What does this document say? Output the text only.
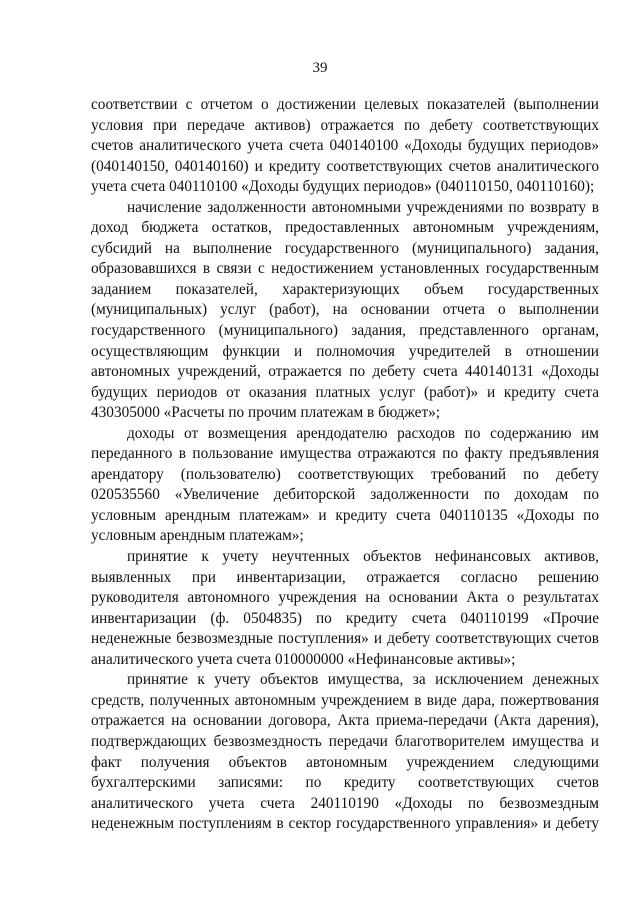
39
соответствии с отчетом о достижении целевых показателей (выполнении
условия при передаче активов) отражается по дебету соответствующих
счетов аналитического учета счета 040140100 «Доходы будущих периодов»
(040140150, 040140160) и кредиту соответствующих счетов аналитического
учета счета 040110100 «Доходы будущих периодов» (040110150, 040110160);
начисление задолженности автономными учреждениями по возврату в
доход бюджета остатков, предоставленных автономным учреждениям,
субсидий на выполнение государственного (муниципального) задания,
образовавшихся в связи с недостижением установленных государственным
заданием показателей, характеризующих объем государственных
(муниципальных) услуг (работ), на основании отчета о выполнении
государственного (муниципального) задания, представленного органам,
осуществляющим функции и полномочия учредителей в отношении
автономных учреждений, отражается по дебету счета 440140131 «Доходы
будущих периодов от оказания платных услуг (работ)» и кредиту счета
430305000 «Расчеты по прочим платежам в бюджет»;
доходы от возмещения арендодателю расходов по содержанию им
переданного в пользование имущества отражаются по факту предъявления
арендатору (пользователю) соответствующих требований по дебету
020535560 «Увеличение дебиторской задолженности по доходам по
условным арендным платежам» и кредиту счета 040110135 «Доходы по
условным арендным платежам»;
принятие к учету неучтенных объектов нефинансовых активов,
выявленных при инвентаризации, отражается согласно решению
руководителя автономного учреждения на основании Акта о результатах
инвентаризации (ф. 0504835) по кредиту счета 040110199 «Прочие
неденежные безвозмездные поступления» и дебету соответствующих счетов
аналитического учета счета 010000000 «Нефинансовые активы»;
принятие к учету объектов имущества, за исключением денежных
средств, полученных автономным учреждением в виде дара, пожертвования
отражается на основании договора, Акта приема-передачи (Акта дарения),
подтверждающих безвозмездность передачи благотворителем имущества и
факт получения объектов автономным учреждением следующими
бухгалтерскими записями: по кредиту соответствующих счетов
аналитического учета счета 240110190 «Доходы по безвозмездным
неденежным поступлениям в сектор государственного управления» и дебету
